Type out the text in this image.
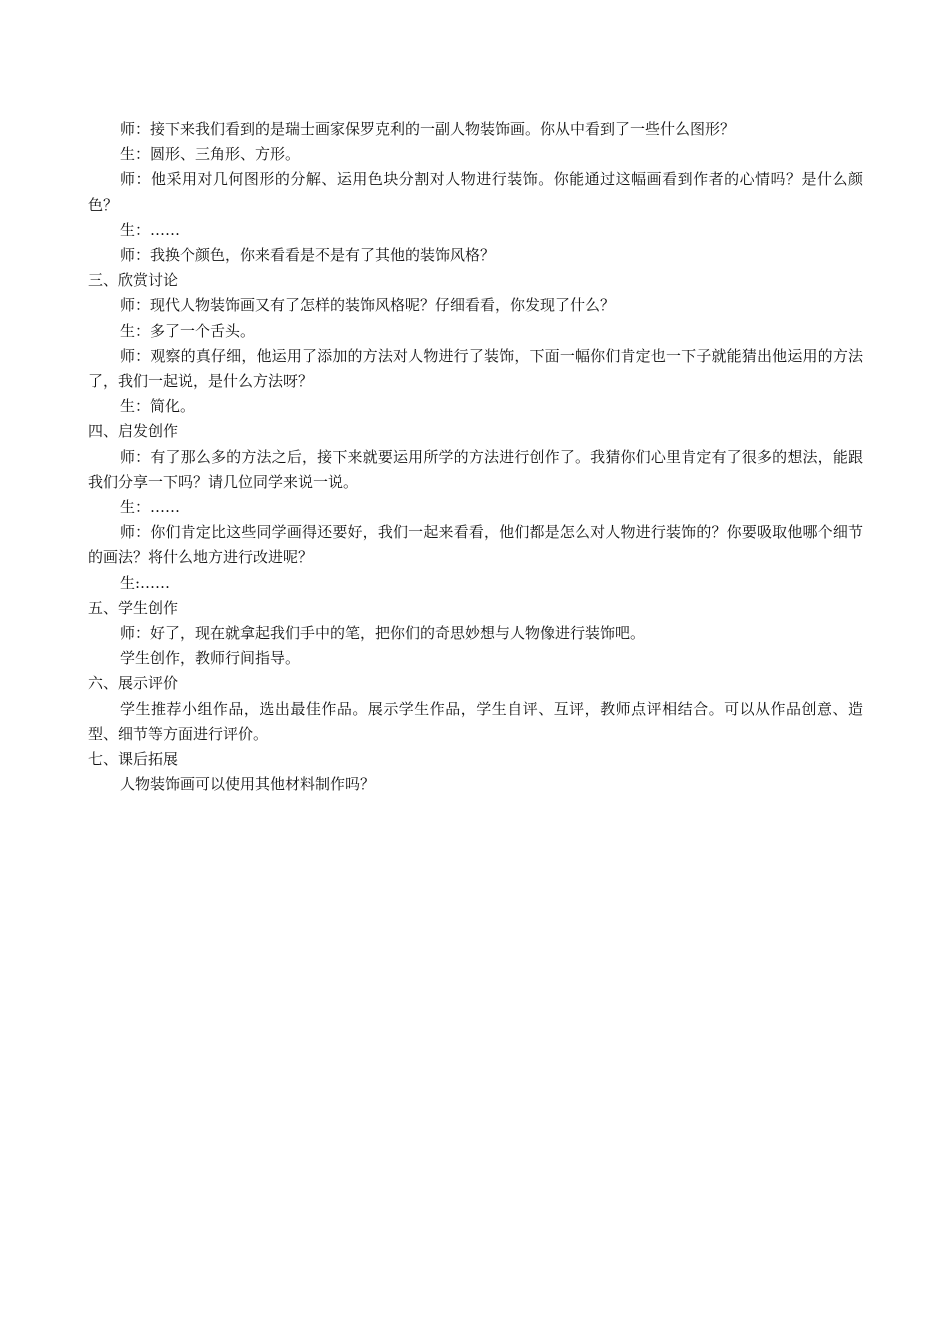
师：接下来我们看到的是瑞士画家保罗克利的一副人物装饰画。你从中看到了一些什么图形？

生：圆形、三角形、方形。

师：他采用对几何图形的分解、运用色块分割对人物进行装饰。你能通过这幅画看到作者的心情吗？是什么颜色？

生：……

师：我换个颜色，你来看看是不是有了其他的装饰风格？

三、欣赏讨论

师：现代人物装饰画又有了怎样的装饰风格呢？仔细看看，你发现了什么？

生：多了一个舌头。

师：观察的真仔细，他运用了添加的方法对人物进行了装饰，下面一幅你们肯定也一下子就能猜出他运用的方法了，我们一起说，是什么方法呀？

生：简化。

四、启发创作

师：有了那么多的方法之后，接下来就要运用所学的方法进行创作了。我猜你们心里肯定有了很多的想法，能跟我们分享一下吗？请几位同学来说一说。

生：……

师：你们肯定比这些同学画得还要好，我们一起来看看，他们都是怎么对人物进行装饰的？你要吸取他哪个细节的画法？将什么地方进行改进呢？

生:……

五、学生创作

师：好了，现在就拿起我们手中的笔，把你们的奇思妙想与人物像进行装饰吧。

学生创作，教师行间指导。

六、展示评价

学生推荐小组作品，选出最佳作品。展示学生作品，学生自评、互评，教师点评相结合。可以从作品创意、造型、细节等方面进行评价。

七、课后拓展

人物装饰画可以使用其他材料制作吗？
